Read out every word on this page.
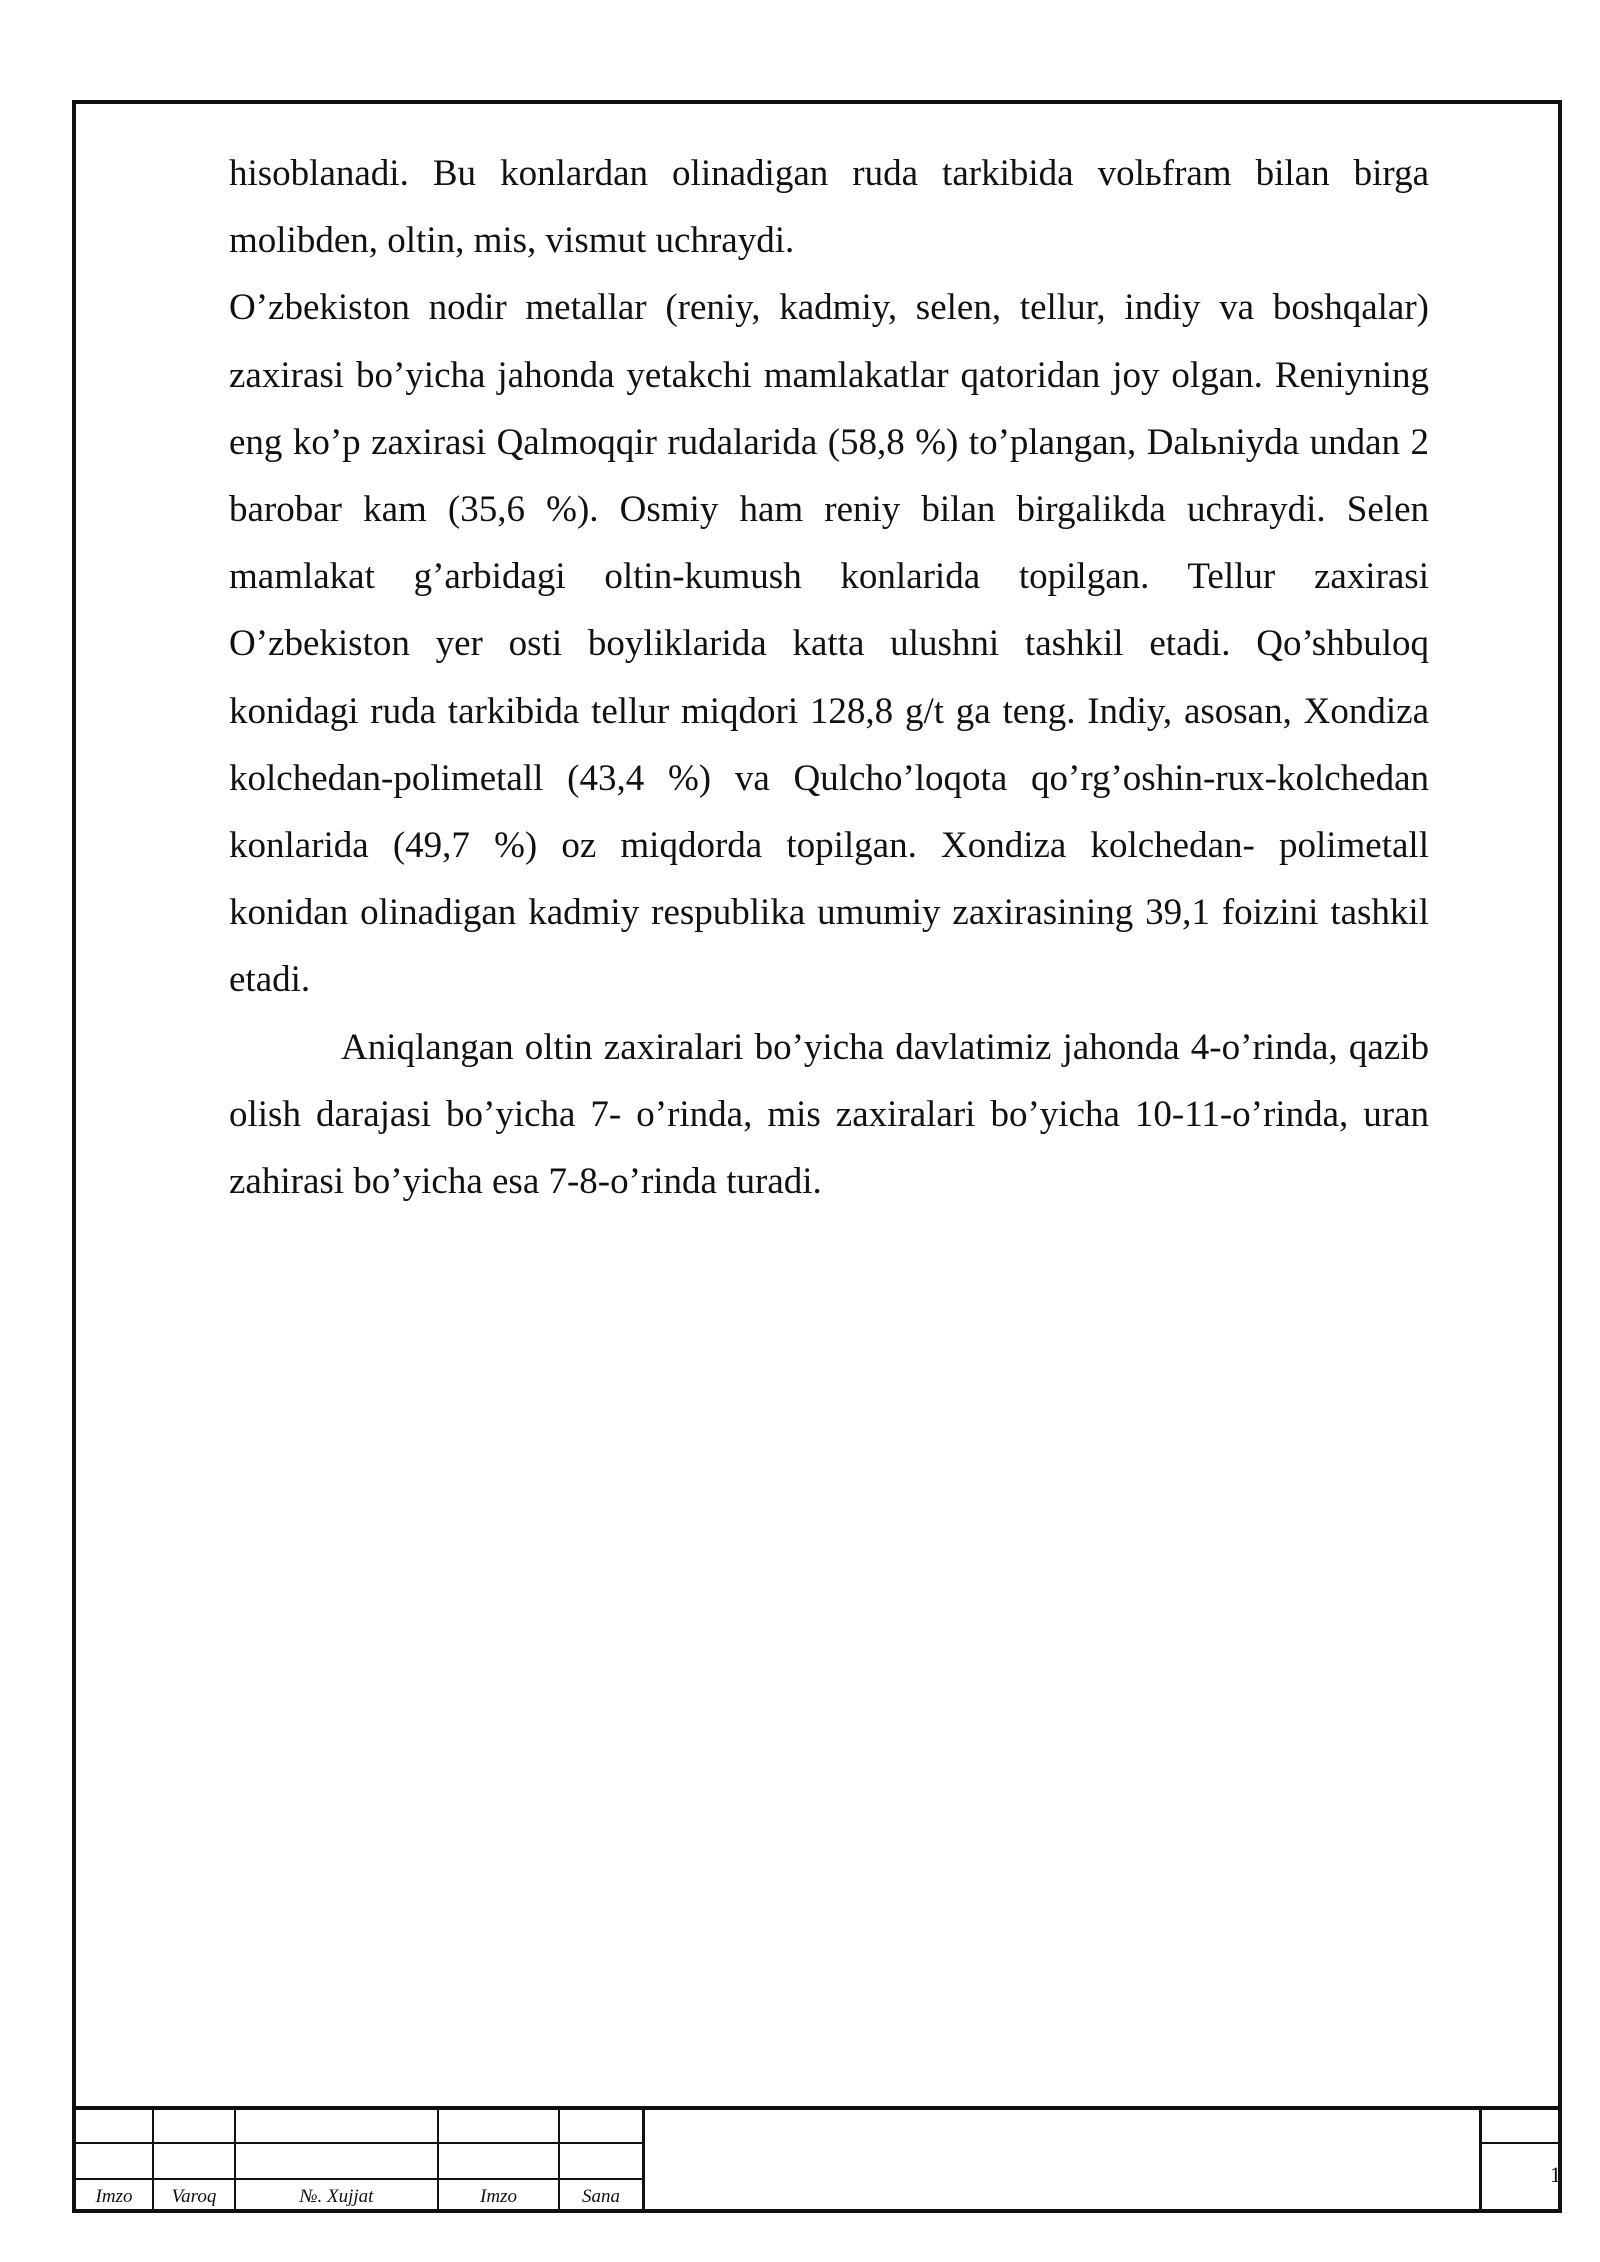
hisoblanadi. Bu konlardan olinadigan ruda tarkibida volьfram bilan birga molibden, oltin, mis, vismut uchraydi.

O’zbekiston nodir metallar (reniy, kadmiy, selen, tellur, indiy va boshqalar) zaxirasi bo’yicha jahonda yetakchi mamlakatlar qatoridan joy olgan. Reniyning eng ko’p zaxirasi Qalmoqqir rudalarida (58,8 %) to’plangan, Dalьniyda undan 2 barobar kam (35,6 %). Osmiy ham reniy bilan birgalikda uchraydi. Selen mamlakat g’arbidagi oltin-kumush konlarida topilgan. Tellur zaxirasi O’zbekiston yer osti boyliklarida katta ulushni tashkil etadi. Qo’shbuloq konidagi ruda tarkibida tellur miqdori 128,8 g/t ga teng. Indiy, asosan, Xondiza kolchedan-polimetall (43,4 %) va Qulcho’loqota qo’rg’oshin-rux-kolchedan konlarida (49,7 %) oz miqdorda topilgan. Xondiza kolchedan- polimetall konidan olinadigan kadmiy respublika umumiy zaxirasining 39,1 foizini tashkil etadi.

Aniqlangan oltin zaxiralari bo’yicha davlatimiz jahonda 4-o’rinda, qazib olish darajasi bo’yicha 7- o’rinda, mis zaxiralari bo’yicha 10-11-o’rinda, uran zahirasi bo’yicha esa 7-8-o’rinda turadi.

Imzo	Varoq	№. Xujjat	Imzo	Sana
1
